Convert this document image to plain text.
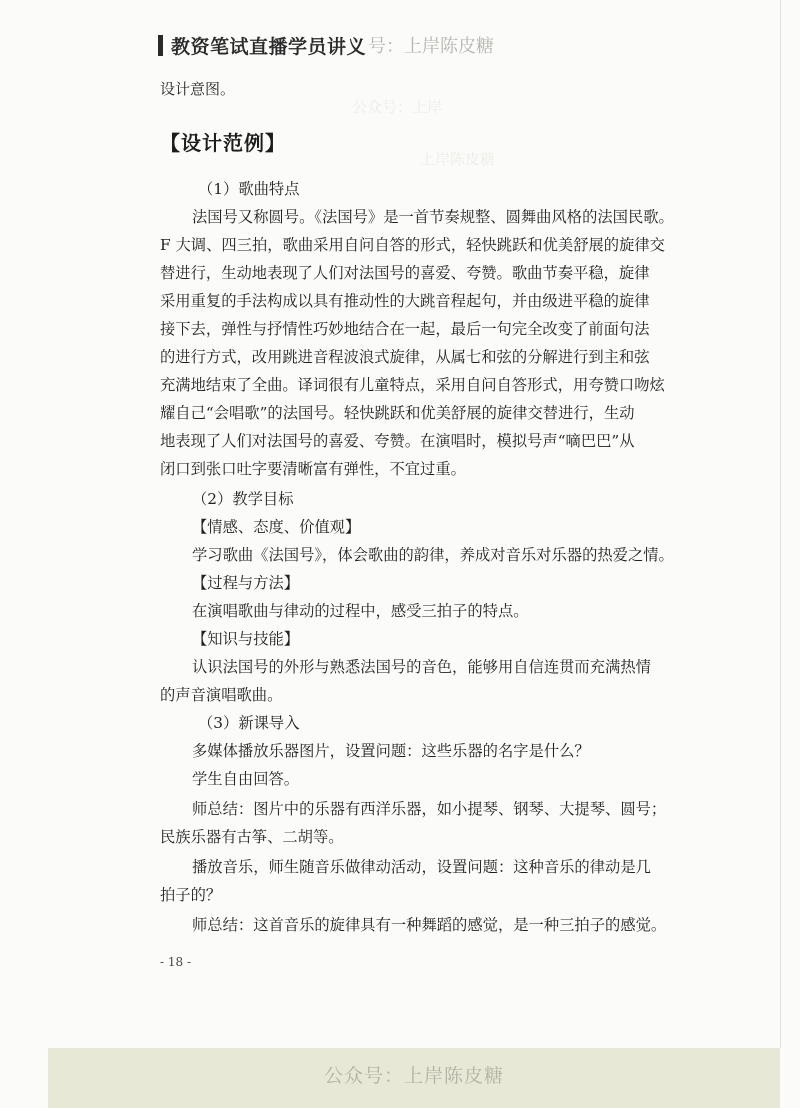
教资笔试直播学员讲义 号：上岸陈皮糖
设计意图。
公众号：上岸
上岸陈皮糖
【设计范例】
（1）歌曲特点
法国号又称圆号。《法国号》是一首节奏规整、圆舞曲风格的法国民歌。
F 大调、四三拍，歌曲采用自问自答的形式，轻快跳跃和优美舒展的旋律交
替进行，生动地表现了人们对法国号的喜爱、夸赞。歌曲节奏平稳，旋律
采用重复的手法构成以具有推动性的大跳音程起句，并由级进平稳的旋律
接下去，弹性与抒情性巧妙地结合在一起，最后一句完全改变了前面句法
的进行方式，改用跳进音程波浪式旋律，从属七和弦的分解进行到主和弦
充满地结束了全曲。译词很有儿童特点，采用自问自答形式，用夸赞口吻炫
耀自己“会唱歌”的法国号。轻快跳跃和优美舒展的旋律交替进行，生动
地表现了人们对法国号的喜爱、夸赞。在演唱时，模拟号声“嘀巴巴”从
闭口到张口吐字要清晰富有弹性，不宜过重。
（2）教学目标
【情感、态度、价值观】
学习歌曲《法国号》，体会歌曲的韵律，养成对音乐对乐器的热爱之情。
【过程与方法】
在演唱歌曲与律动的过程中，感受三拍子的特点。
【知识与技能】
认识法国号的外形与熟悉法国号的音色，能够用自信连贯而充满热情
的声音演唱歌曲。
（3）新课导入
多媒体播放乐器图片，设置问题：这些乐器的名字是什么？
学生自由回答。
师总结：图片中的乐器有西洋乐器，如小提琴、钢琴、大提琴、圆号；
民族乐器有古筝、二胡等。
播放音乐，师生随音乐做律动活动，设置问题：这种音乐的律动是几
拍子的？
师总结：这首音乐的旋律具有一种舞蹈的感觉，是一种三拍子的感觉。
- 18 -
公众号：上岸陈皮糖
